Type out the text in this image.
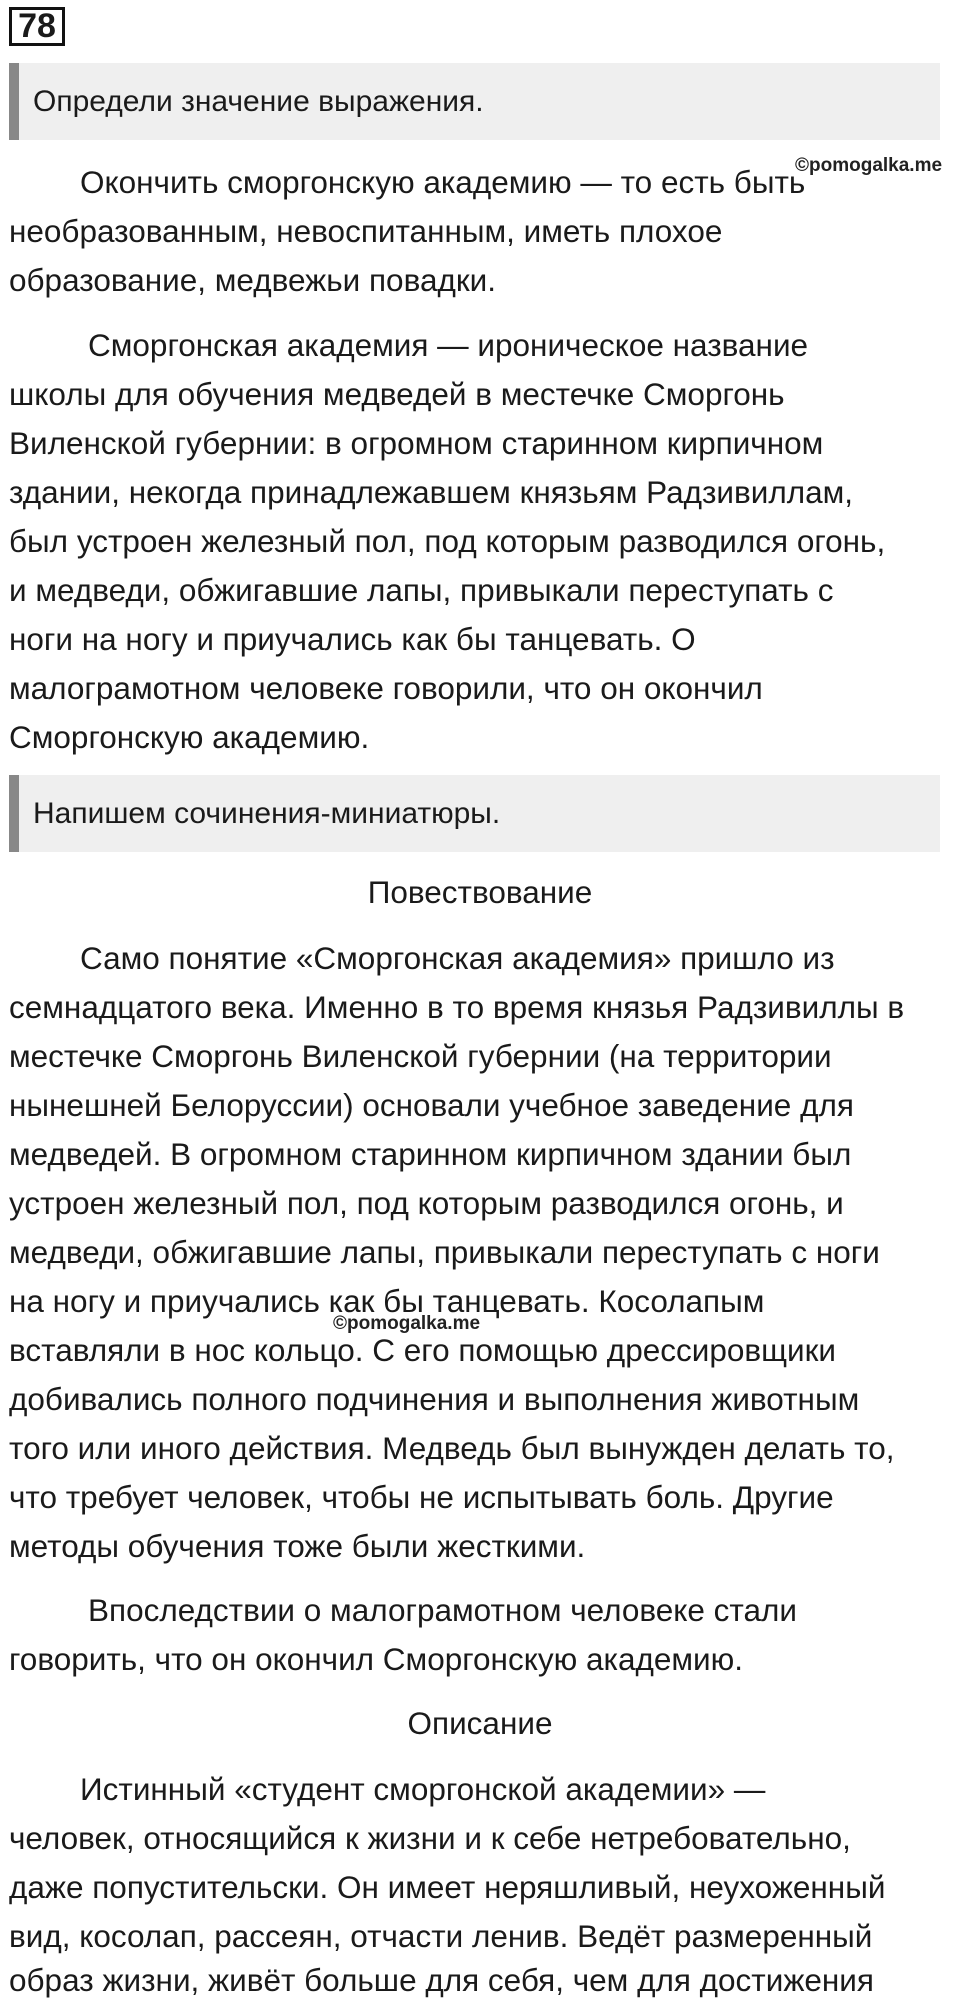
78
Определи значение выражения.
©pomogalka.me
Окончить сморгонскую академию — то есть быть
необразованным, невоспитанным, иметь плохое
образование, медвежьи повадки.
Сморгонская академия — ироническое название
школы для обучения медведей в местечке Сморгонь
Виленской губернии: в огромном старинном кирпичном
здании, некогда принадлежавшем князьям Радзивиллам,
был устроен железный пол, под которым разводился огонь,
и медведи, обжигавшие лапы, привыкали переступать с
ноги на ногу и приучались как бы танцевать. О
малограмотном человеке говорили, что он окончил
Сморгонскую академию.
Напишем сочинения-миниатюры.
Повествование
Само понятие «Сморгонская академия» пришло из
семнадцатого века. Именно в то время князья Радзивиллы в
местечке Сморгонь Виленской губернии (на территории
нынешней Белоруссии) основали учебное заведение для
медведей. В огромном старинном кирпичном здании был
устроен железный пол, под которым разводился огонь, и
медведи, обжигавшие лапы, привыкали переступать с ноги
на ногу и приучались как бы танцевать. Косолапым
©pomogalka.me
вставляли в нос кольцо. С его помощью дрессировщики
добивались полного подчинения и выполнения животным
того или иного действия. Медведь был вынужден делать то,
что требует человек, чтобы не испытывать боль. Другие
методы обучения тоже были жесткими.
Впоследствии о малограмотном человеке стали
говорить, что он окончил Сморгонскую академию.
Описание
Истинный «студент сморгонской академии» —
человек, относящийся к жизни и к себе нетребовательно,
даже попустительски. Он имеет неряшливый, неухоженный
вид, косолап, рассеян, отчасти ленив. Ведёт размеренный
образ жизни, живёт больше для себя, чем для достижения
